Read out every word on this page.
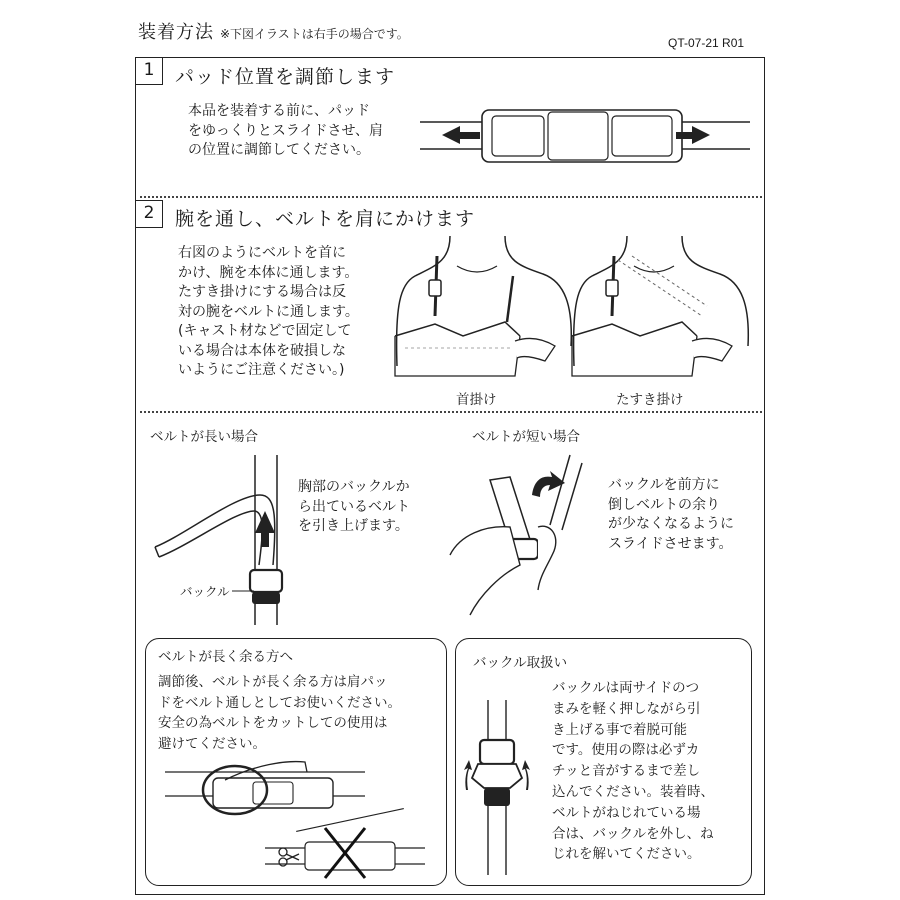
装着方法 ※下図イラストは右手の場合です。
QT-07-21 R01
1	パッド位置を調節します
本品を装着する前に、パッド
をゆっくりとスライドさせ、肩
の位置に調節してください。
2	腕を通し、ベルトを肩にかけます
右図のようにベルトを首に
かけ、腕を本体に通します。
たすき掛けにする場合は反
対の腕をベルトに通します。
(キャスト材などで固定して
いる場合は本体を破損しな
いようにご注意ください。)
首掛け	たすき掛け
ベルトが長い場合
胸部のバックルか
ら出ているベルト
を引き上げます。
バックル
ベルトが短い場合
バックルを前方に
倒しベルトの余り
が少なくなるように
スライドさせます。
ベルトが長く余る方へ
調節後、ベルトが長く余る方は肩パッ
ドをベルト通しとしてお使いください。
安全の為ベルトをカットしての使用は
避けてください。
バックル取扱い
バックルは両サイドのつ
まみを軽く押しながら引
き上げる事で着脱可能
です。使用の際は必ずカ
チッと音がするまで差し
込んでください。装着時、
ベルトがねじれている場
合は、バックルを外し、ね
じれを解いてください。
